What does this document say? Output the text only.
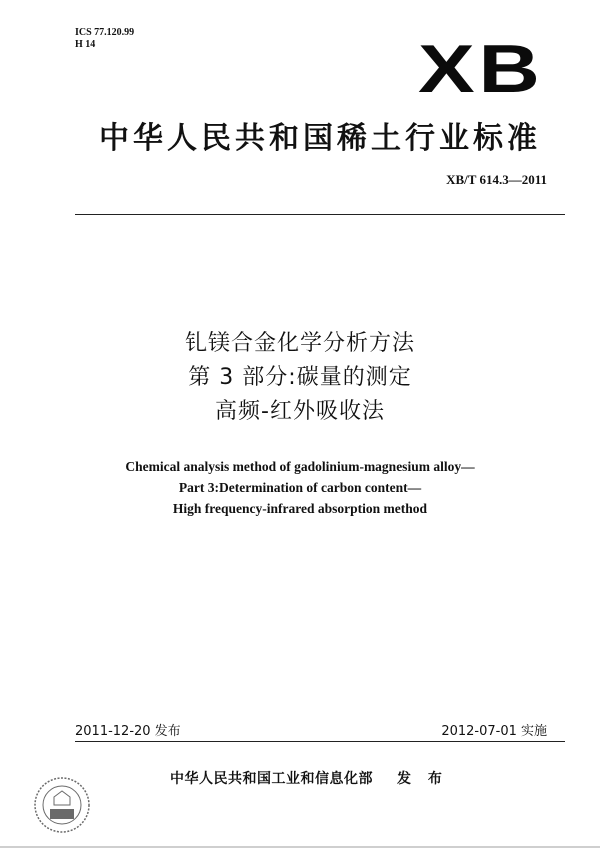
ICS 77.120.99
H 14	XB
中华人民共和国稀土行业标准
XB/T 614.3—2011
钆镁合金化学分析方法
第 3 部分:碳量的测定
高频-红外吸收法
Chemical analysis method of gadolinium-magnesium alloy—
Part 3:Determination of carbon content—
High frequency-infrared absorption method
2011-12-20 发布	2012-07-01 实施
中华人民共和国工业和信息化部 发 布
